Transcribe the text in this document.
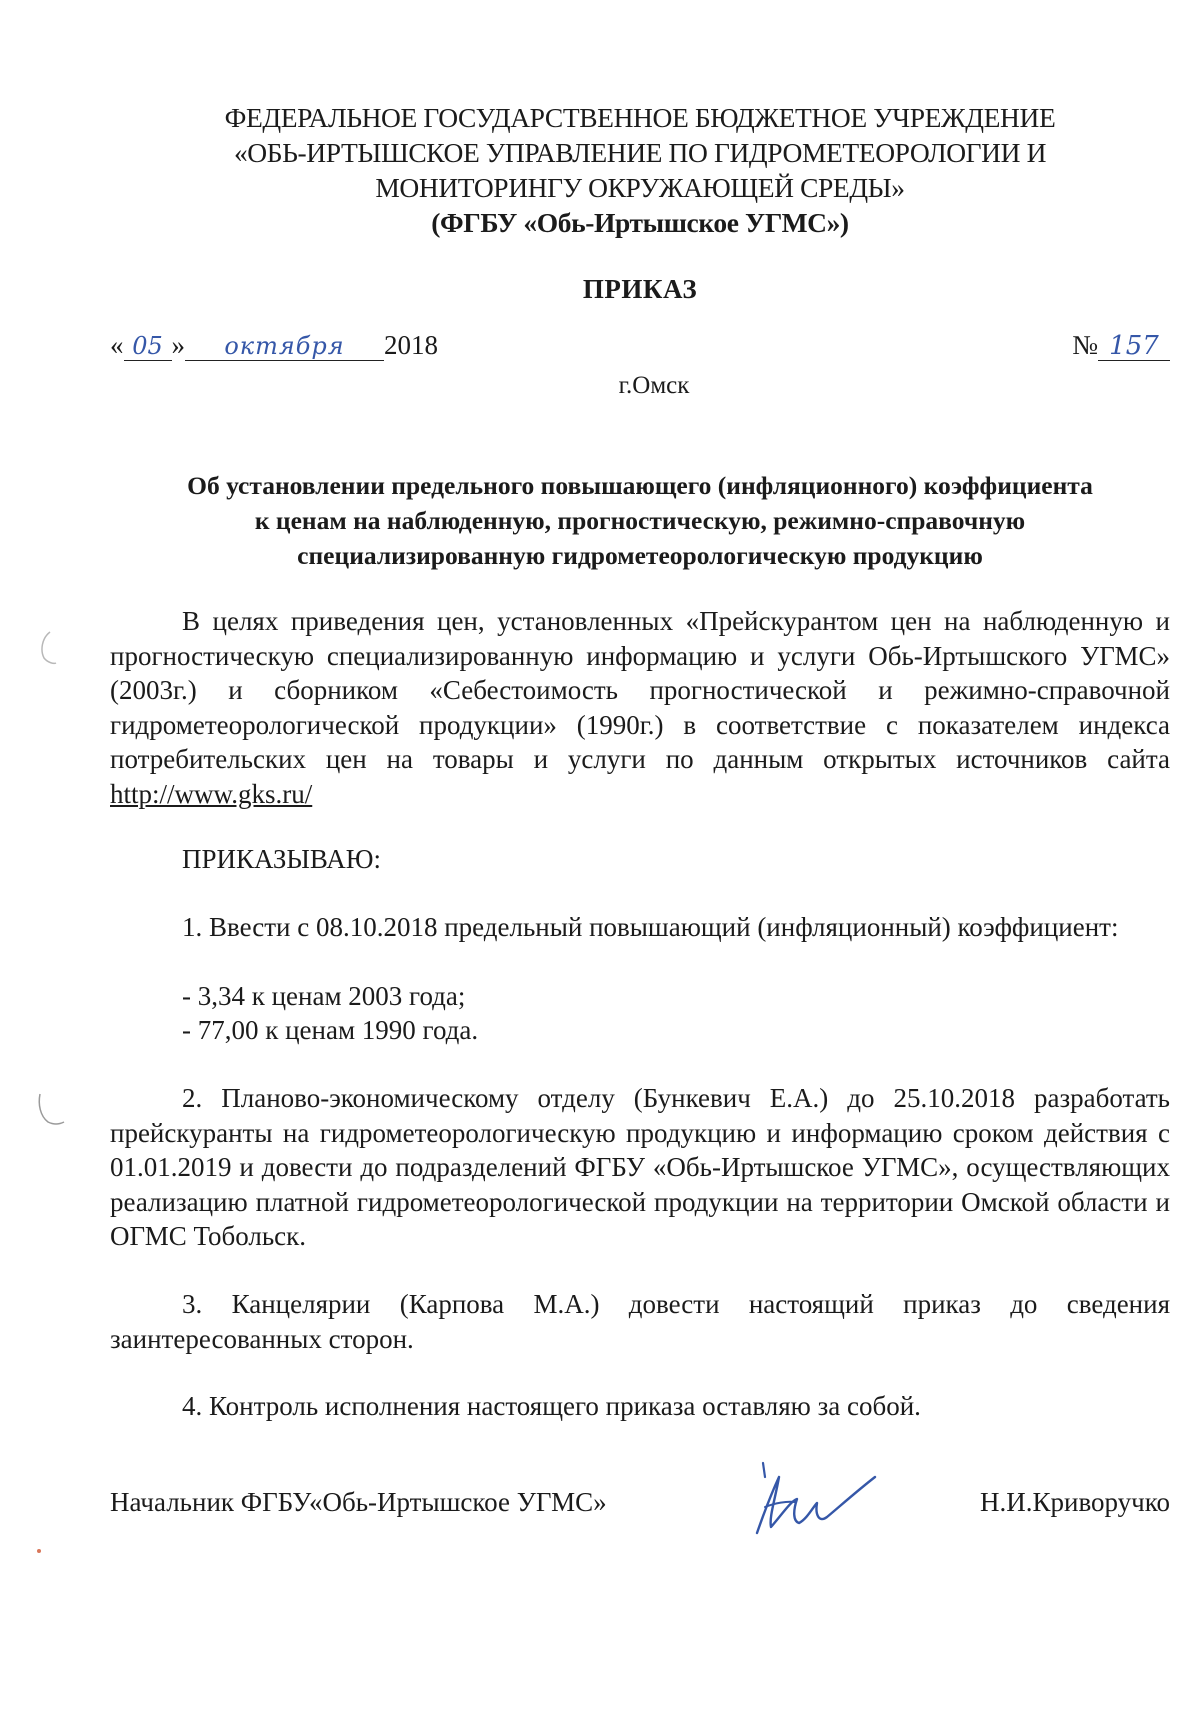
ФЕДЕРАЛЬНОЕ ГОСУДАРСТВЕННОЕ БЮДЖЕТНОЕ УЧРЕЖДЕНИЕ
«ОБЬ-ИРТЫШСКОЕ УПРАВЛЕНИЕ ПО ГИДРОМЕТЕОРОЛОГИИ И
МОНИТОРИНГУ ОКРУЖАЮЩЕЙ СРЕДЫ»
(ФГБУ «Обь-Иртышское УГМС»)
ПРИКАЗ
« 05 » октября 2018	№ 157
г.Омск
Об установлении предельного повышающего (инфляционного) коэффициента
к ценам на наблюденную, прогностическую, режимно-справочную
специализированную гидрометеорологическую продукцию
В целях приведения цен, установленных «Прейскурантом цен на наблюденную и прогностическую специализированную информацию и услуги Обь-Иртышского УГМС» (2003г.) и сборником «Себестоимость прогностической и режимно-справочной гидрометеорологической продукции» (1990г.) в соответствие с показателем индекса потребительских цен на товары и услуги по данным открытых источников сайта http://www.gks.ru/
ПРИКАЗЫВАЮ:
1. Ввести с 08.10.2018 предельный повышающий (инфляционный) коэффициент:
- 3,34 к ценам 2003 года;
- 77,00 к ценам 1990 года.
2. Планово-экономическому отделу (Бункевич Е.А.) до 25.10.2018 разработать прейскуранты на гидрометеорологическую продукцию и информацию сроком действия с 01.01.2019 и довести до подразделений ФГБУ «Обь-Иртышское УГМС», осуществляющих реализацию платной гидрометеорологической продукции на территории Омской области и ОГМС Тобольск.
3. Канцелярии (Карпова М.А.) довести настоящий приказ до сведения заинтересованных сторон.
4. Контроль исполнения настоящего приказа оставляю за собой.
Начальник ФГБУ«Обь-Иртышское УГМС»	Н.И.Криворучко
